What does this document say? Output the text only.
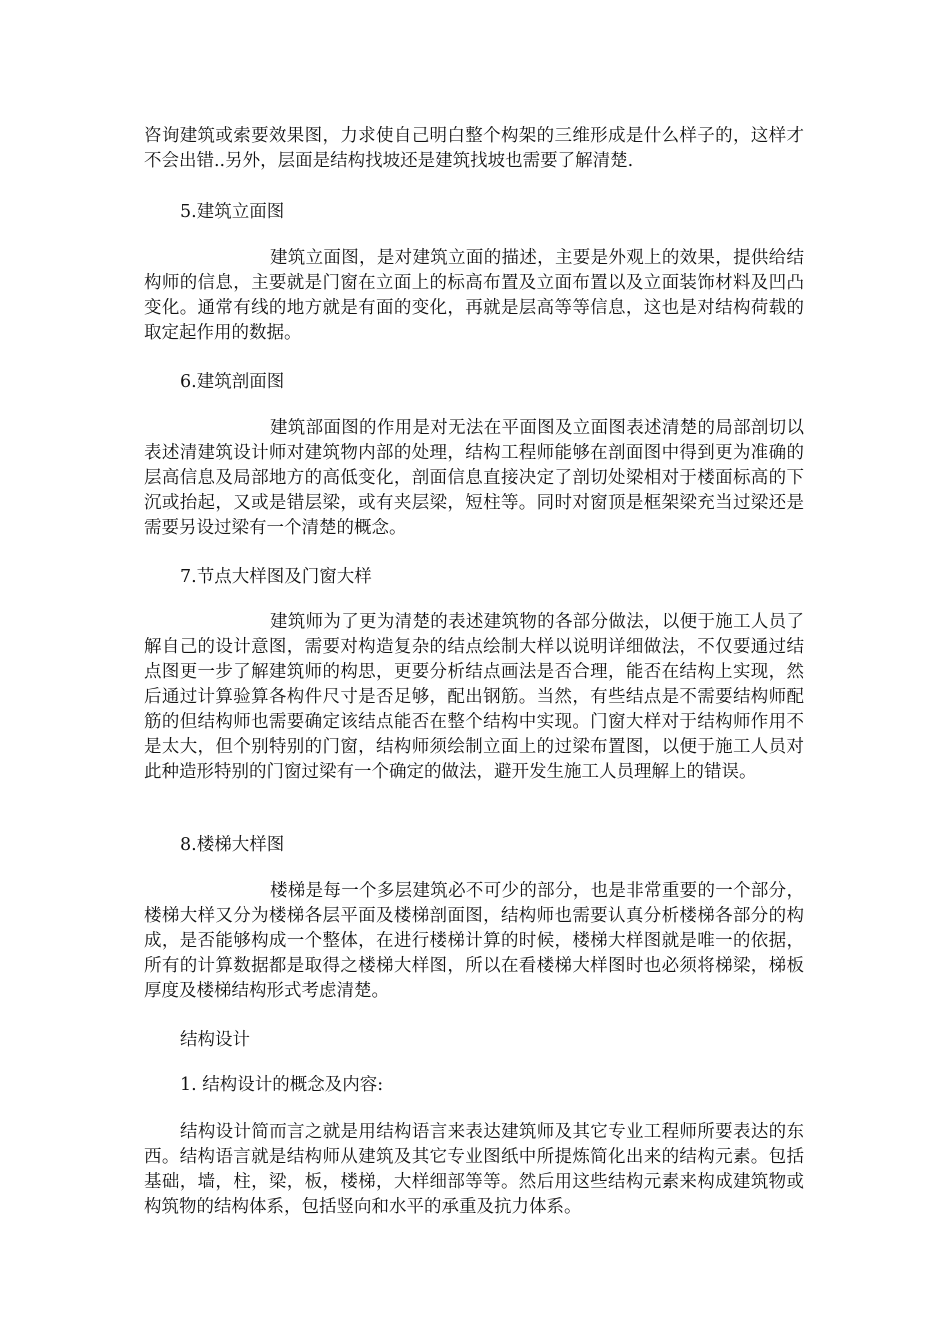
咨询建筑或索要效果图，力求使自己明白整个构架的三维形成是什么样子的，这样才不会出错..另外，层面是结构找坡还是建筑找坡也需要了解清楚.

5.建筑立面图

建筑立面图，是对建筑立面的描述，主要是外观上的效果，提供给结构师的信息，主要就是门窗在立面上的标高布置及立面布置以及立面装饰材料及凹凸变化。通常有线的地方就是有面的变化，再就是层高等等信息，这也是对结构荷载的取定起作用的数据。

6.建筑剖面图

建筑部面图的作用是对无法在平面图及立面图表述清楚的局部剖切以表述清建筑设计师对建筑物内部的处理，结构工程师能够在剖面图中得到更为准确的层高信息及局部地方的高低变化，剖面信息直接决定了剖切处梁相对于楼面标高的下沉或抬起，又或是错层梁，或有夹层梁，短柱等。同时对窗顶是框架梁充当过梁还是需要另设过梁有一个清楚的概念。

7.节点大样图及门窗大样

建筑师为了更为清楚的表述建筑物的各部分做法，以便于施工人员了解自己的设计意图，需要对构造复杂的结点绘制大样以说明详细做法，不仅要通过结点图更一步了解建筑师的构思，更要分析结点画法是否合理，能否在结构上实现，然后通过计算验算各构件尺寸是否足够，配出钢筋。当然，有些结点是不需要结构师配筋的但结构师也需要确定该结点能否在整个结构中实现。门窗大样对于结构师作用不是太大，但个别特别的门窗，结构师须绘制立面上的过梁布置图，以便于施工人员对此种造形特别的门窗过梁有一个确定的做法，避开发生施工人员理解上的错误。

8.楼梯大样图

楼梯是每一个多层建筑必不可少的部分，也是非常重要的一个部分，楼梯大样又分为楼梯各层平面及楼梯剖面图，结构师也需要认真分析楼梯各部分的构成，是否能够构成一个整体，在进行楼梯计算的时候，楼梯大样图就是唯一的依据，所有的计算数据都是取得之楼梯大样图，所以在看楼梯大样图时也必须将梯梁，梯板厚度及楼梯结构形式考虑清楚。

结构设计

1. 结构设计的概念及内容:

结构设计简而言之就是用结构语言来表达建筑师及其它专业工程师所要表达的东西。结构语言就是结构师从建筑及其它专业图纸中所提炼简化出来的结构元素。包括基础，墙，柱，梁，板，楼梯，大样细部等等。然后用这些结构元素来构成建筑物或构筑物的结构体系，包括竖向和水平的承重及抗力体系。
